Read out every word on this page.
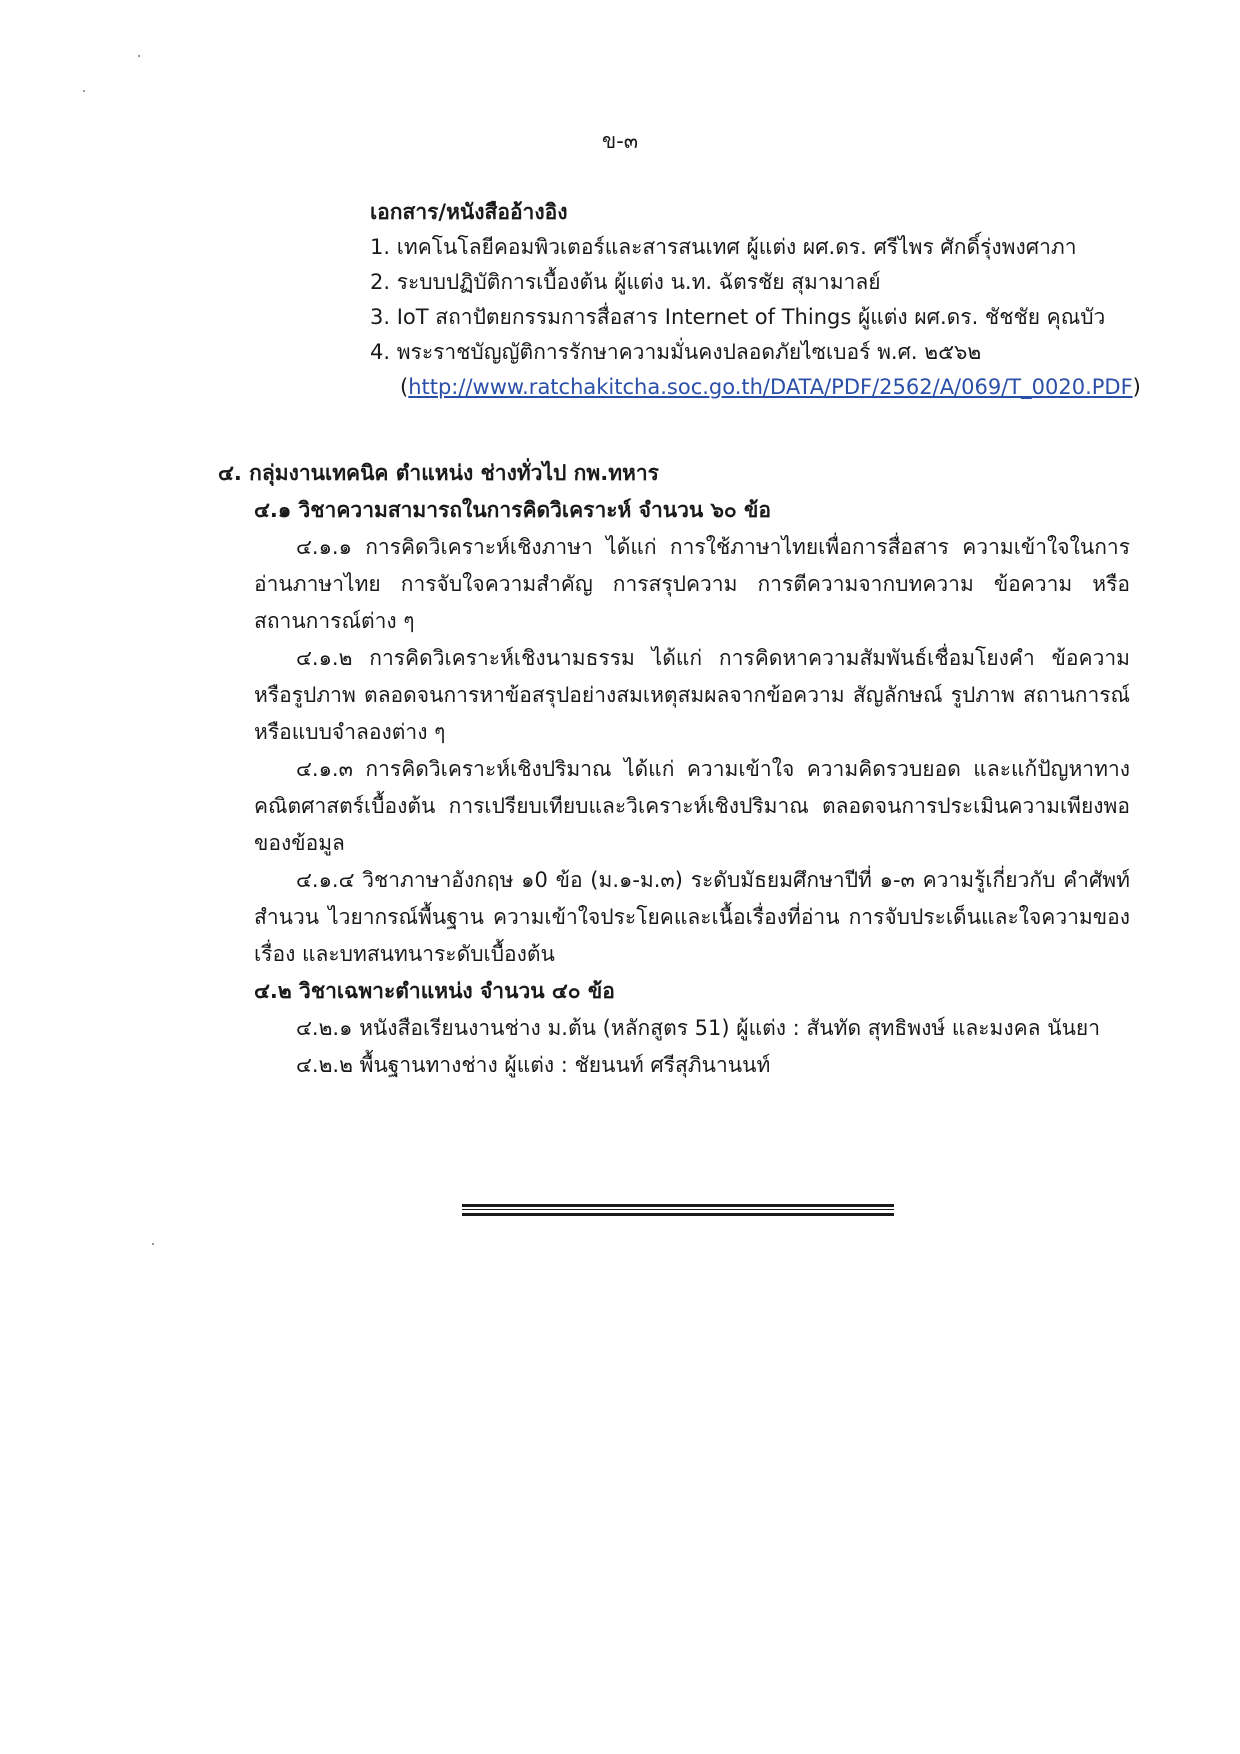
ข-๓
เอกสาร/หนังสืออ้างอิง
1. เทคโนโลยีคอมพิวเตอร์และสารสนเทศ ผู้แต่ง ผศ.ดร. ศรีไพร ศักดิ์รุ่งพงศาภา
2. ระบบปฏิบัติการเบื้องต้น ผู้แต่ง น.ท. ฉัตรชัย สุมามาลย์
3. IoT สถาปัตยกรรมการสื่อสาร Internet of Things ผู้แต่ง ผศ.ดร. ชัชชัย คุณบัว
4. พระราชบัญญัติการรักษาความมั่นคงปลอดภัยไซเบอร์ พ.ศ. ๒๕๖๒
(http://www.ratchakitcha.soc.go.th/DATA/PDF/2562/A/069/T_0020.PDF)
๔. กลุ่มงานเทคนิค ตำแหน่ง ช่างทั่วไป กพ.ทหาร
๔.๑ วิชาความสามารถในการคิดวิเคราะห์ จำนวน ๖๐ ข้อ
๔.๑.๑ การคิดวิเคราะห์เชิงภาษา ได้แก่ การใช้ภาษาไทยเพื่อการสื่อสาร ความเข้าใจในการอ่านภาษาไทย การจับใจความสำคัญ การสรุปความ การตีความจากบทความ ข้อความ หรือสถานการณ์ต่าง ๆ
๔.๑.๒ การคิดวิเคราะห์เชิงนามธรรม ได้แก่ การคิดหาความสัมพันธ์เชื่อมโยงคำ ข้อความ หรือรูปภาพ ตลอดจนการหาข้อสรุปอย่างสมเหตุสมผลจากข้อความ สัญลักษณ์ รูปภาพ สถานการณ์ หรือแบบจำลองต่าง ๆ
๔.๑.๓ การคิดวิเคราะห์เชิงปริมาณ ได้แก่ ความเข้าใจ ความคิดรวบยอด และแก้ปัญหาทางคณิตศาสตร์เบื้องต้น การเปรียบเทียบและวิเคราะห์เชิงปริมาณ ตลอดจนการประเมินความเพียงพอของข้อมูล
๔.๑.๔ วิชาภาษาอังกฤษ ๑0 ข้อ (ม.๑-ม.๓) ระดับมัธยมศึกษาปีที่ ๑-๓ ความรู้เกี่ยวกับ คำศัพท์ สำนวน ไวยากรณ์พื้นฐาน ความเข้าใจประโยคและเนื้อเรื่องที่อ่าน การจับประเด็นและใจความของเรื่อง และบทสนทนาระดับเบื้องต้น
๔.๒ วิชาเฉพาะตำแหน่ง จำนวน ๔๐ ข้อ
๔.๒.๑ หนังสือเรียนงานช่าง ม.ต้น (หลักสูตร 51) ผู้แต่ง : สันทัด สุทธิพงษ์ และมงคล นันยา
๔.๒.๒ พื้นฐานทางช่าง ผู้แต่ง : ชัยนนท์ ศรีสุภินานนท์
